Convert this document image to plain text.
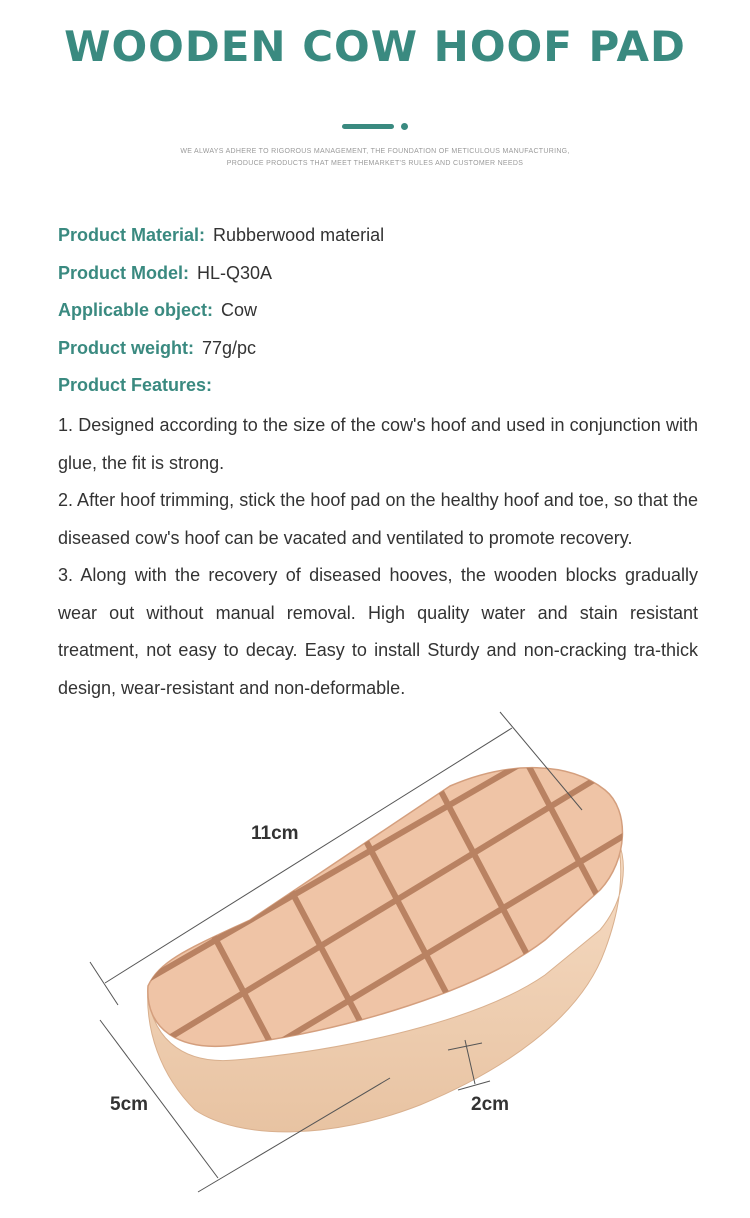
WOODEN COW HOOF PAD
WE ALWAYS ADHERE TO RIGOROUS MANAGEMENT, THE FOUNDATION OF METICULOUS MANUFACTURING,
PRODUCE PRODUCTS THAT MEET THEMARKET'S RULES AND CUSTOMER NEEDS
Product Material: Rubberwood material
Product Model: HL-Q30A
Applicable object: Cow
Product weight: 77g/pc
Product Features:

1. Designed according to the size of the cow's hoof and used in conjunction with glue, the fit is strong.

2. After hoof trimming, stick the hoof pad on the healthy hoof and toe, so that the diseased cow's hoof can be vacated and ventilated to promote recovery.

3. Along with the recovery of diseased hooves, the wooden blocks gradually wear out without manual removal. High quality water and stain resistant treatment, not easy to decay. Easy to install Sturdy and non-cracking tra-thick design, wear-resistant and non-deformable.

11cm
5cm	2cm
